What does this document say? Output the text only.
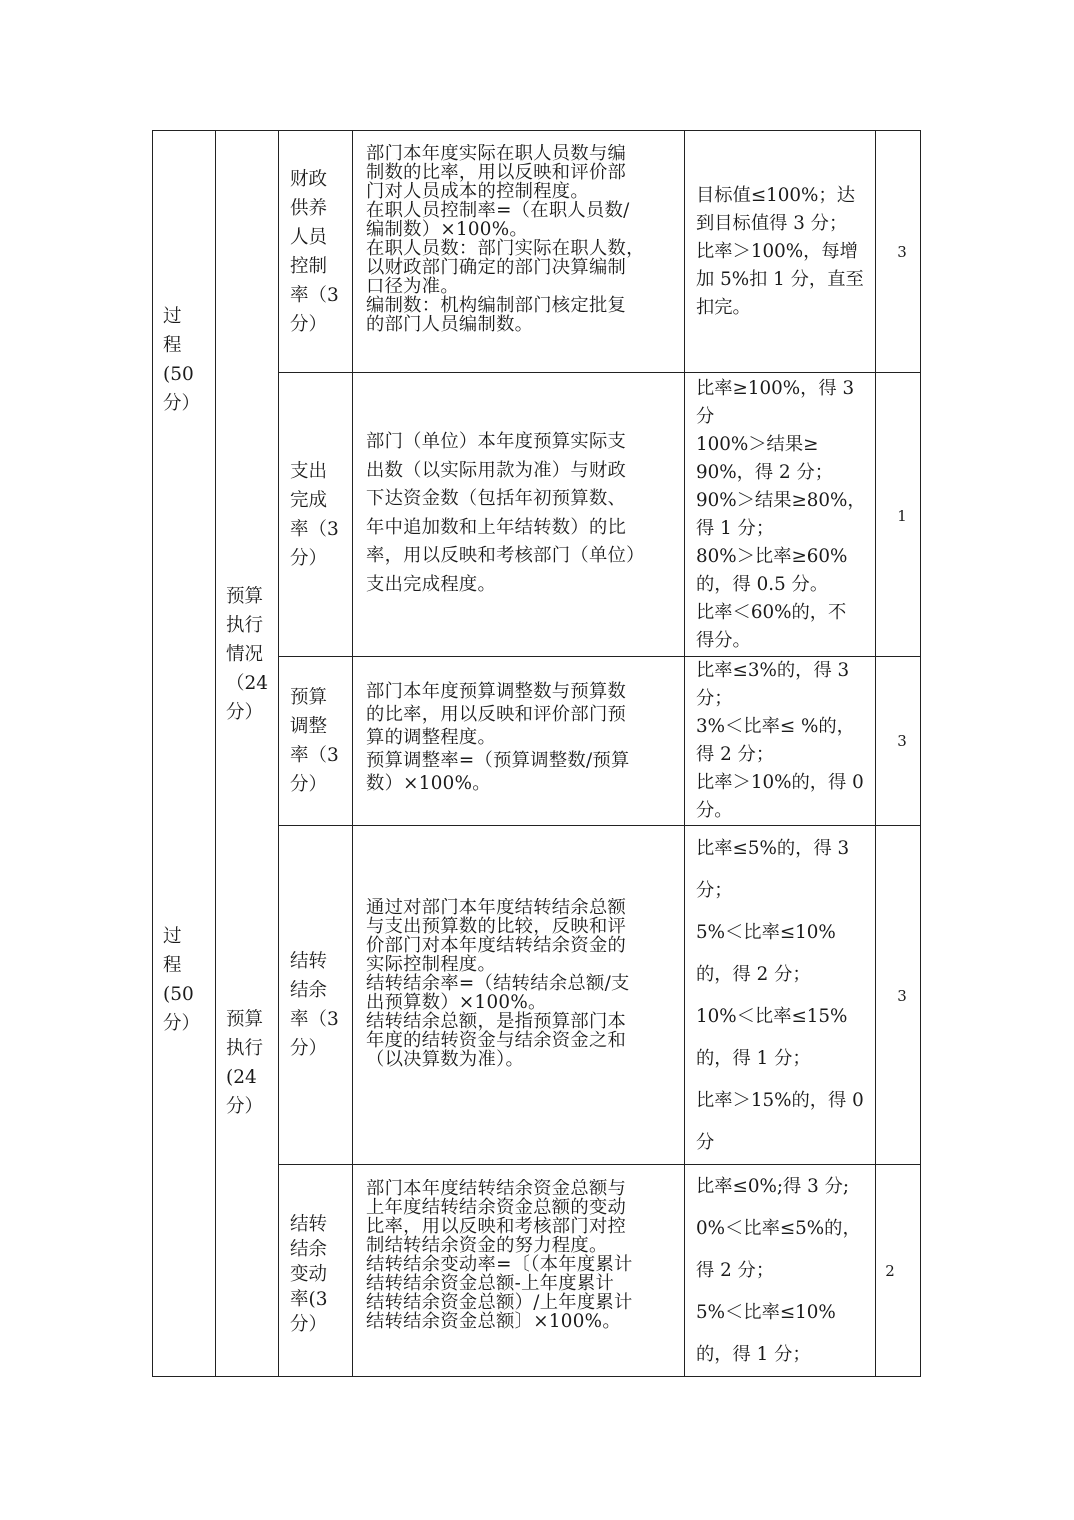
过
程
(50
分）
过
程
(50
分）
预算
执行
情况
（24
分）
预算
执行
(24
分）
财政
供养
人员
控制
率（3
分）
部门本年度实际在职人员数与编
制数的比率，用以反映和评价部
门对人员成本的控制程度。
在职人员控制率=（在职人员数/
编制数）×100%。
在职人员数：部门实际在职人数，
以财政部门确定的部门决算编制
口径为准。
编制数：机构编制部门核定批复
的部门人员编制数。
目标值≤100%；达
到目标值得 3 分；
比率＞100%，每增
加 5%扣 1 分，直至
扣完。
3
支出
完成
率（3
分）
部门（单位）本年度预算实际支
出数（以实际用款为准）与财政
下达资金数（包括年初预算数、
年中追加数和上年结转数）的比
率，用以反映和考核部门（单位）
支出完成程度。
比率≥100%，得 3
分
100%＞结果≥
90%，得 2 分；
90%＞结果≥80%，
得 1 分；
80%＞比率≥60%
的，得 0.5 分。
比率＜60%的，不
得分。
1
预算
调整
率（3
分）
部门本年度预算调整数与预算数
的比率，用以反映和评价部门预
算的调整程度。
预算调整率=（预算调整数/预算
数）×100%。
比率≤3%的，得 3
分；
3%＜比率≤ %的，
得 2 分；
比率＞10%的，得 0
分。
3
结转
结余
率（3
分）
通过对部门本年度结转结余总额
与支出预算数的比较，反映和评
价部门对本年度结转结余资金的
实际控制程度。
结转结余率=（结转结余总额/支
出预算数）×100%。
结转结余总额，是指预算部门本
年度的结转资金与结余资金之和
（以决算数为准）。
比率≤5%的，得 3
分；
5%＜比率≤10%
的，得 2 分；
10%＜比率≤15%
的，得 1 分；
比率＞15%的，得 0
分
3
结转
结余
变动
率(3
分）
部门本年度结转结余资金总额与
上年度结转结余资金总额的变动
比率，用以反映和考核部门对控
制结转结余资金的努力程度。
结转结余变动率=〔（本年度累计
结转结余资金总额-上年度累计
结转结余资金总额）/上年度累计
结转结余资金总额〕×100%。
比率≤0%;得 3 分;
0%＜比率≤5%的，
得 2 分；
5%＜比率≤10%
的，得 1 分；
2
